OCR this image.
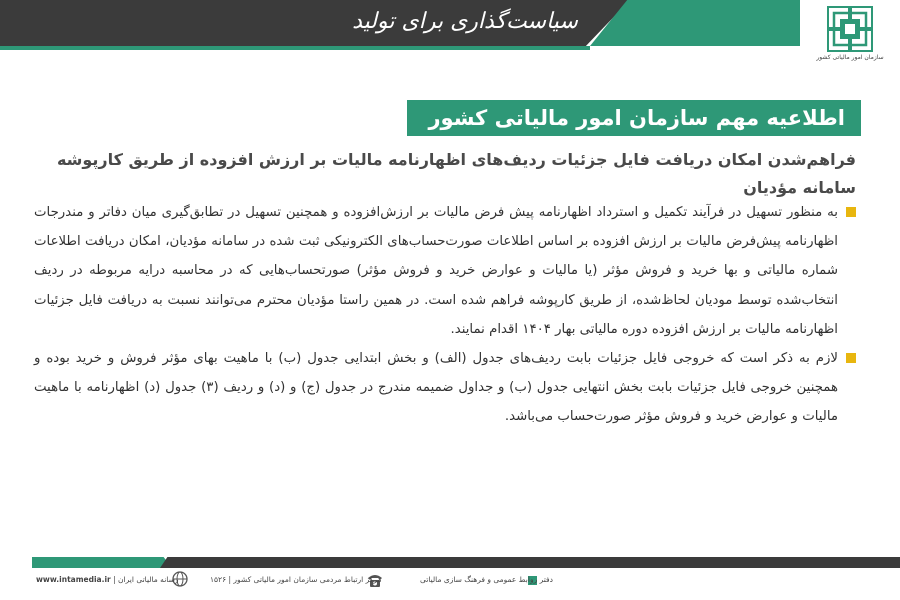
سیاست‌گذاری برای تولید
سازمان امور مالیاتی کشور
اطلاعیه مهم سازمان امور مالیاتی کشور
فراهم‌شدن امکان دریافت فایل جزئیات ردیف‌های اظهارنامه مالیات بر ارزش افزوده از طریق کارپوشه سامانه مؤدیان

به منظور تسهیل در فرآیند تکمیل و استرداد اظهارنامه پیش فرض مالیات بر ارزش‌افزوده و همچنین تسهیل در تطابق‌گیری میان دفاتر و مندرجات اظهارنامه پیش‌فرض مالیات بر ارزش افزوده بر اساس اطلاعات صورت‌حساب‌های الکترونیکی ثبت شده در سامانه مؤدیان، امکان دریافت اطلاعات شماره مالیاتی و بها خرید و فروش مؤثر (یا مالیات و عوارض خرید و فروش مؤثر) صورتحساب‌هایی که در محاسبه درایه مربوطه در ردیف انتخاب‌شده توسط مودیان لحاظ‌شده، از طریق کارپوشه فراهم شده است. در همین راستا مؤدیان محترم می‌توانند نسبت به دریافت فایل جزئیات اظهارنامه مالیات بر ارزش افزوده دوره مالیاتی بهار ۱۴۰۴ اقدام نمایند.

لازم به ذکر است که خروجی فایل جزئیات بابت ردیف‌های جدول (الف) و بخش ابتدایی جدول (ب) با ماهیت بهای مؤثر فروش و خرید بوده و همچنین خروجی فایل جزئیات بابت بخش انتهایی جدول (ب) و جداول ضمیمه مندرج در جدول (ج) و (د) و ردیف (۳) جدول (د) اظهارنامه با ماهیت مالیات و عوارض خرید و فروش مؤثر صورت‌حساب می‌باشد.

دفتر روابط عمومی و فرهنگ سازی مالیاتی
مرکز ارتباط مردمی سازمان امور مالیاتی کشور | ۱۵۲۶
رسانه مالیاتی ایران | www.intamedia.ir
